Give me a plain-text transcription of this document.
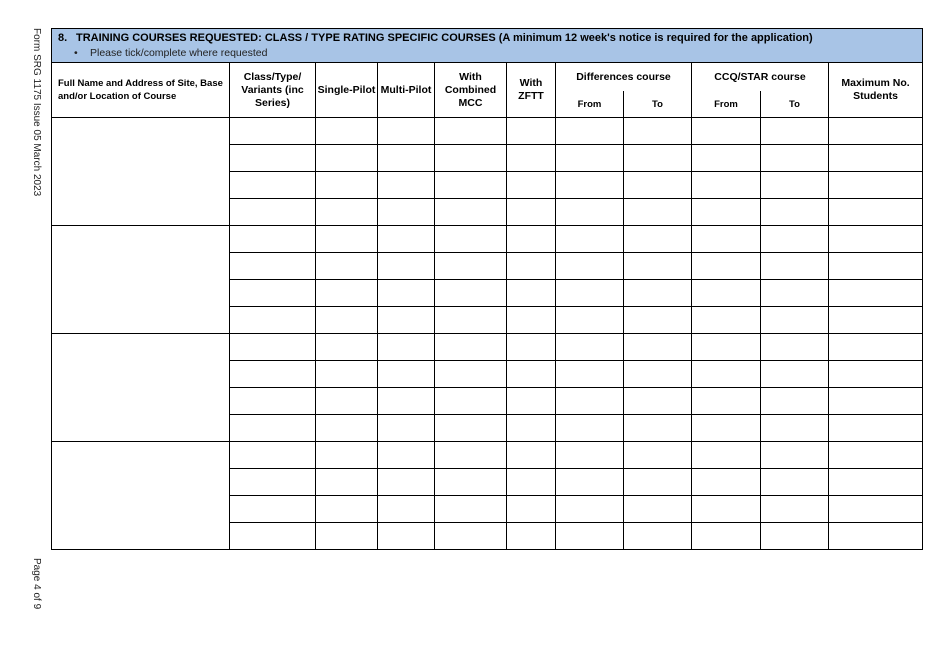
Form SRG 1175 Issue 05 March 2023
Page 4 of 9
8. TRAINING COURSES REQUESTED: CLASS / TYPE RATING SPECIFIC COURSES (A minimum 12 week's notice is required for the application)
• Please tick/complete where requested										

Full Name and Address of Site, Base and/or Location of Course	Class/Type/ Variants (inc Series)	Single-Pilot	Multi-Pilot	With Combined MCC	With ZFTT	Differences course		CCQ/STAR course		Maximum No. Students
						From	To	From	To	
